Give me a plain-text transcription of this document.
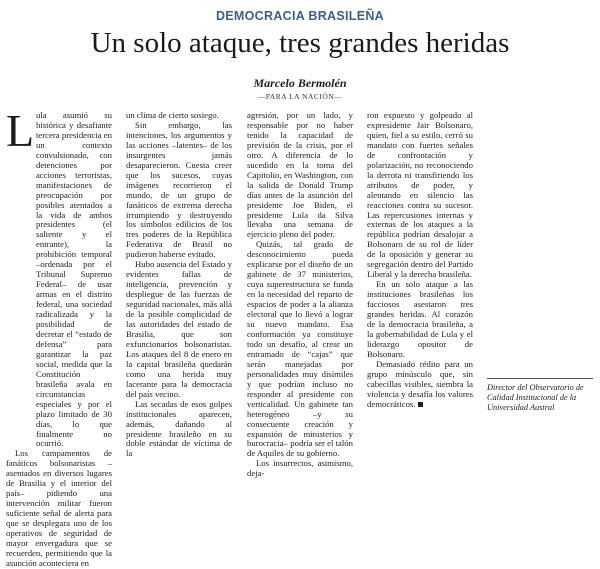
DEMOCRACIA BRASILEÑA
Un solo ataque, tres grandes heridas
Marcelo Bermolén
—PARA LA NACIÓN—
L ula asumió su histórica y desafiante tercera presidencia en un contexto convulsionado, con detenciones por acciones terroristas, manifestaciones de preocupación por posibles atentados a la vida de ambos presidentes (el saliente y el entrante), la prohibición temporal –ordenada por el Tribunal Supremo Federal– de usar armas en el distrito federal, una sociedad radicalizada y la posibilidad de decretar el “estado de defensa” para garantizar la paz social, medida que la Constitución brasileña avala en circunstancias especiales y por el plazo limitado de 30 días, lo que finalmente no ocurrió.

Los campamentos de fanáticos bolsonaristas –asentados en diversos lugares de Brasilia y el interior del país– pidiendo una intervención militar fueron suficiente señal de alerta para que se desplegara uno de los operativos de seguridad de mayor envergadura que se recuerden, permitiendo que la asunción aconteciera en

un clima de cierto sosiego.

Sin embargo, las intenciones, los argumentos y las acciones –latentes– de los insurgentes jamás desaparecieron. Cuesta creer que los sucesos, cuyas imágenes recorrieron el mundo, de un grupo de fanáticos de extrema derecha irrumpiendo y destruyendo los símbolos edilicios de los tres poderes de la República Federativa de Brasil no pudieron haberse evitado.

Hubo ausencia del Estado y evidentes fallas de inteligencia, prevención y despliegue de las fuerzas de seguridad nacionales, más allá de la posible complicidad de las autoridades del estado de Brasilia, que son exfuncionarios bolsonaristas. Los ataques del 8 de enero en la capital brasileña quedarán como una herida muy lacerante para la democracia del país vecino.

Las secadas de esos golpes institucionales aparecen, además, dañando al presidente brasileño en su doble estándar de víctima de la

agresión, por un lado, y responsable por no haber tenido la capacidad de previsión de la crisis, por el otro. A diferencia de lo sucedido en la toma del Capitolio, en Washington, con la salida de Donald Trump días antes de la asunción del presidente Joe Biden, el presidente Lula da Silva llevaba una semana de ejercicio pleno del poder.

Quizás, tal grado de desconocimiento pueda explicarse por el diseño de un gabinete de 37 ministerios, cuya superestructura se funda en la necesidad del reparto de espacios de poder a la alianza electoral que lo llevó a lograr su nuevo mandato. Esa conformación ya constituye todo un desafío, al crear un entramado de “cajas” que serán manejadas por personalidades muy disímiles y que podrían incluso no responder al presidente con verticalidad. Un gabinete tan heterogéneo –y su consecuente creación y expansión de ministerios y burocracia– podría ser el talón de Aquiles de su gobierno.

Los insurrectos, asimismo, deja-

ron expuesto y golpeado al expresidente Jair Bolsonaro, quien, fiel a su estilo, cerró su mandato con fuertes señales de confrontación y polarización, no reconociendo la derrota ni transfiriendo los atributos de poder, y alentando en silencio las reacciones contra su sucesor. Las repercusiones internas y externas de los ataques a la república podrían desalojar a Bolsonaro de su rol de líder de la oposición y generar su segregación dentro del Partido Liberal y la derecha brasileña.

En un solo ataque a las instituciones brasileñas los facciosos asestaron tres grandes heridas. Al corazón de la democracia brasileña, a la gobernabilidad de Lula y el liderazgo opositor de Bolsonaro.

Demasiado rédito para un grupo minúsculo que, sin cabecillas visibles, siembra la violencia y desafía los valores democráticos.

Director del Observatorio de Calidad Institucional de la Universidad Austral
